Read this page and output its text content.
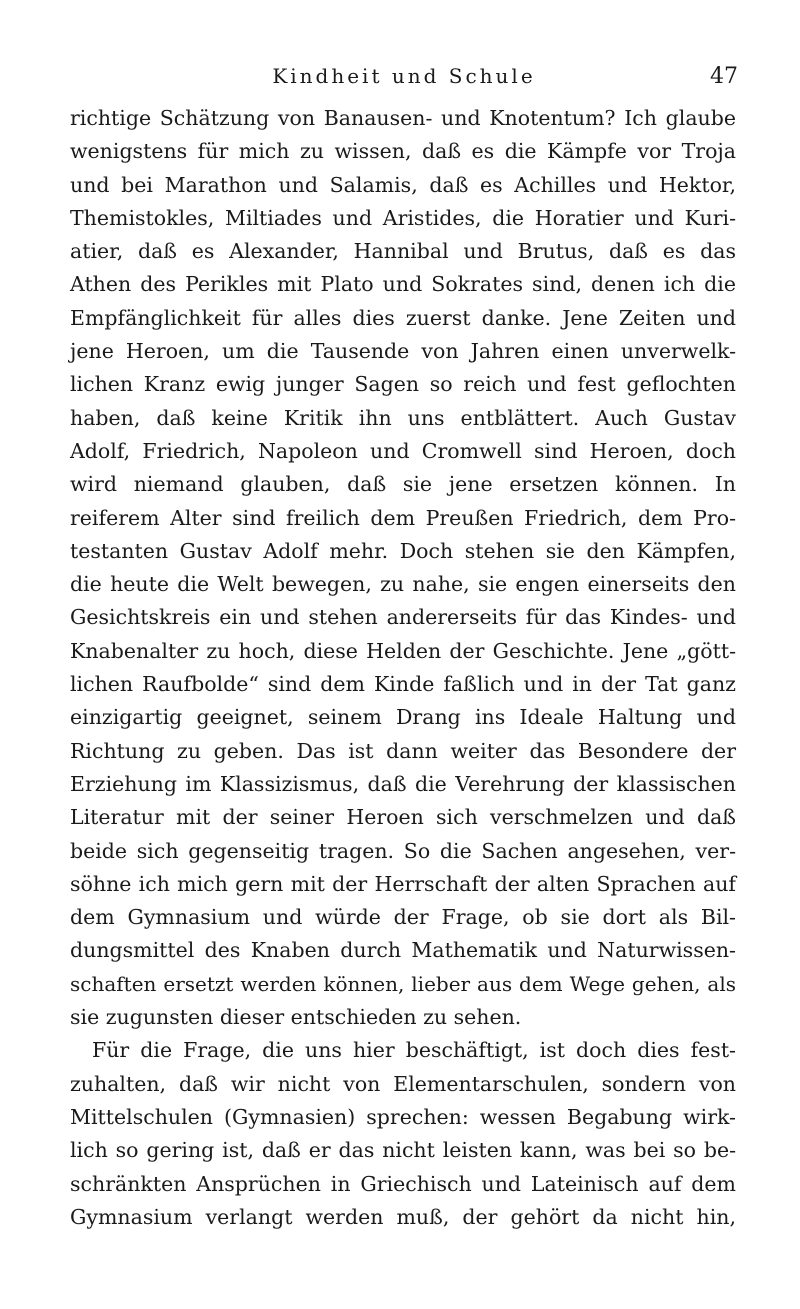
Kindheit und Schule	47
richtige Schätzung von Banausen- und Knotentum? Ich glaube
wenigstens für mich zu wissen, daß es die Kämpfe vor Troja
und bei Marathon und Salamis, daß es Achilles und Hektor,
Themistokles, Miltiades und Aristides, die Horatier und Kuri-
atier, daß es Alexander, Hannibal und Brutus, daß es das
Athen des Perikles mit Plato und Sokrates sind, denen ich die
Empfänglichkeit für alles dies zuerst danke. Jene Zeiten und
jene Heroen, um die Tausende von Jahren einen unverwelk-
lichen Kranz ewig junger Sagen so reich und fest geflochten
haben, daß keine Kritik ihn uns entblättert. Auch Gustav
Adolf, Friedrich, Napoleon und Cromwell sind Heroen, doch
wird niemand glauben, daß sie jene ersetzen können. In
reiferem Alter sind freilich dem Preußen Friedrich, dem Pro-
testanten Gustav Adolf mehr. Doch stehen sie den Kämpfen,
die heute die Welt bewegen, zu nahe, sie engen einerseits den
Gesichtskreis ein und stehen andererseits für das Kindes- und
Knabenalter zu hoch, diese Helden der Geschichte. Jene „gött-
lichen Raufbolde“ sind dem Kinde faßlich und in der Tat ganz
einzigartig geeignet, seinem Drang ins Ideale Haltung und
Richtung zu geben. Das ist dann weiter das Besondere der
Erziehung im Klassizismus, daß die Verehrung der klassischen
Literatur mit der seiner Heroen sich verschmelzen und daß
beide sich gegenseitig tragen. So die Sachen angesehen, ver-
söhne ich mich gern mit der Herrschaft der alten Sprachen auf
dem Gymnasium und würde der Frage, ob sie dort als Bil-
dungsmittel des Knaben durch Mathematik und Naturwissen-
schaften ersetzt werden können, lieber aus dem Wege gehen, als
sie zugunsten dieser entschieden zu sehen.
Für die Frage, die uns hier beschäftigt, ist doch dies fest-
zuhalten, daß wir nicht von Elementarschulen, sondern von
Mittelschulen (Gymnasien) sprechen: wessen Begabung wirk-
lich so gering ist, daß er das nicht leisten kann, was bei so be-
schränkten Ansprüchen in Griechisch und Lateinisch auf dem
Gymnasium verlangt werden muß, der gehört da nicht hin,
